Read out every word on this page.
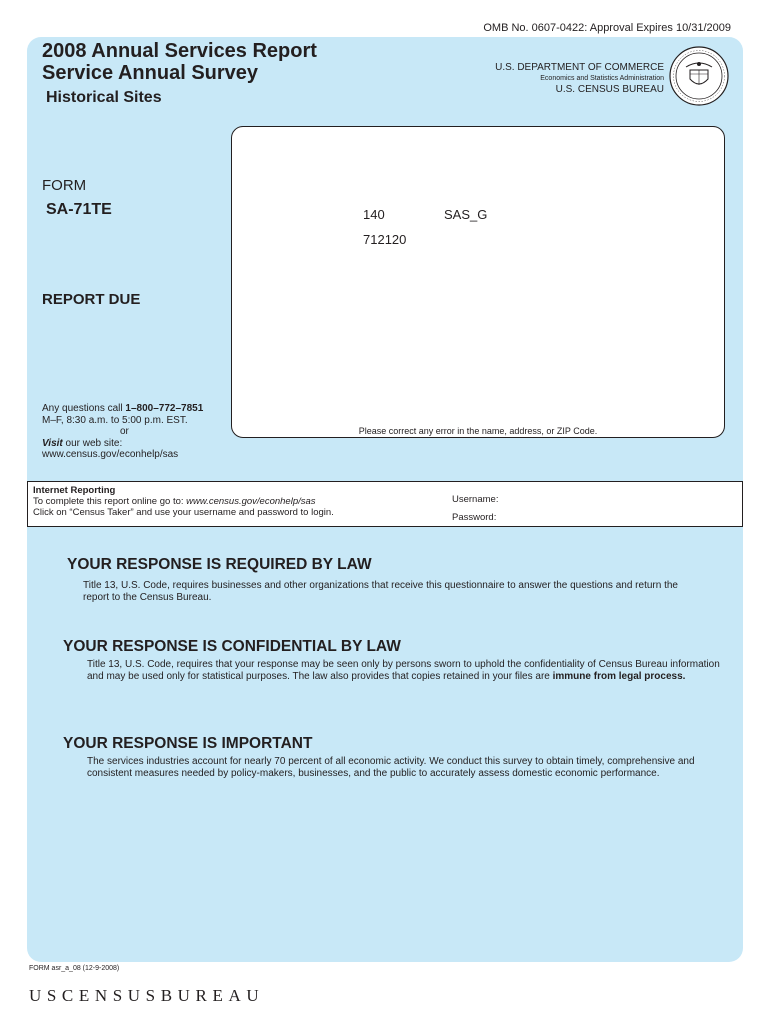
OMB No. 0607-0422: Approval Expires 10/31/2009
2008 Annual Services Report
Service Annual Survey
Historical Sites
U.S. DEPARTMENT OF COMMERCE
Economics and Statistics Administration
U.S. CENSUS BUREAU
FORM
SA-71TE	140	SAS_G
712120
REPORT DUE
Please correct any error in the name, address, or ZIP Code.
Any questions call 1–800–772–7851
M–F, 8:30 a.m. to 5:00 p.m. EST.
or
Visit our web site:
www.census.gov/econhelp/sas
Internet Reporting
To complete this report online go to: www.census.gov/econhelp/sas
Click on “Census Taker” and use your username and password to login.
Username:
Password:
YOUR RESPONSE IS REQUIRED BY LAW
Title 13, U.S. Code, requires businesses and other organizations that receive this questionnaire to answer the questions and return the report to the Census Bureau.
YOUR RESPONSE IS CONFIDENTIAL BY LAW
Title 13, U.S. Code, requires that your response may be seen only by persons sworn to uphold the confidentiality of Census Bureau information and may be used only for statistical purposes. The law also provides that copies retained in your files are immune from legal process.
YOUR RESPONSE IS IMPORTANT
The services industries account for nearly 70 percent of all economic activity. We conduct this survey to obtain timely, comprehensive and consistent measures needed by policy-makers, businesses, and the public to accurately assess domestic economic performance.
FORM asr_a_08 (12-9-2008)
USCENSUSBUREAU
